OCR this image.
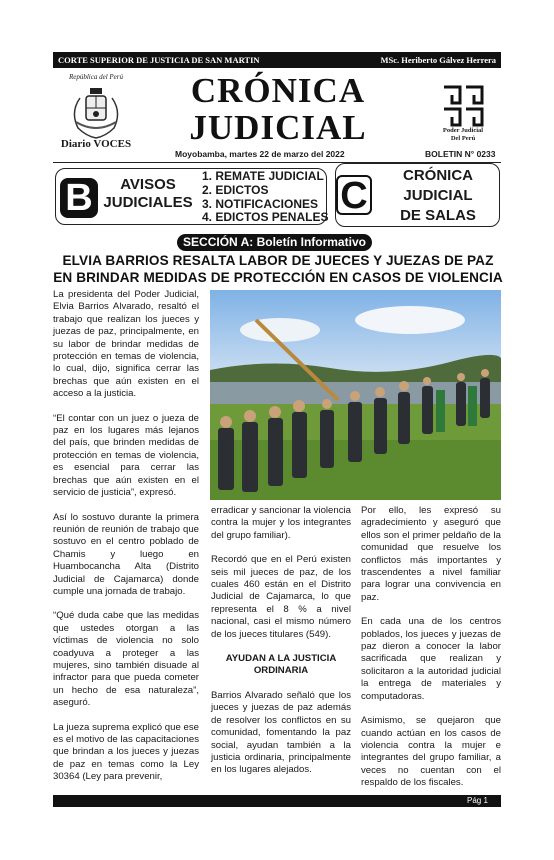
CORTE SUPERIOR DE JUSTICIA DE SAN MARTIN	MSc. Heriberto Gálvez Herrera
República del Perú
Diario VOCES
CRÓNICA
JUDICIAL	Poder Judicial
Del Perú
Moyobamba, martes 22 de marzo del 2022	BOLETIN N° 0233
B	AVISOS
JUDICIALES
1. REMATE JUDICIAL
2. EDICTOS
3. NOTIFICACIONES
4. EDICTOS PENALES
C	CRÓNICA
JUDICIAL
DE SALAS
SECCIÓN A: Boletín Informativo
ELVIA BARRIOS RESALTA LABOR DE JUECES Y JUEZAS DE PAZ EN BRINDAR MEDIDAS DE PROTECCIÓN EN CASOS DE VIOLENCIA

La presidenta del Poder Judicial, Elvia Barrios Alvarado, resaltó el trabajo que realizan los jueces y juezas de paz, principalmente, en su labor de brindar medidas de protección en temas de violencia, lo cual, dijo, significa cerrar las brechas que aún existen en el acceso a la justicia.

“El contar con un juez o jueza de paz en los lugares más lejanos del país, que brinden medidas de protección en temas de violencia, es esencial para cerrar las brechas que aún existen en el servicio de justicia”, expresó.

Así lo sostuvo durante la primera reunión de reunión de trabajo que sostuvo en el centro poblado de Chamis y luego en Huambocancha Alta (Distrito Judicial de Cajamarca) donde cumple una jornada de trabajo.

“Qué duda cabe que las medidas que ustedes otorgan a las víctimas de violencia no solo coadyuva a proteger a las mujeres, sino también disuade al infractor para que pueda cometer un hecho de esa naturaleza”, aseguró.

La jueza suprema explicó que ese es el motivo de las capacitaciones que brindan a los jueces y juezas de paz en temas como la Ley 30364 (Ley para prevenir,

erradicar y sancionar la violencia contra la mujer y los integrantes del grupo familiar).

Recordó que en el Perú existen seis mil jueces de paz, de los cuales 460 están en el Distrito Judicial de Cajamarca, lo que representa el 8 % a nivel nacional, casi el mismo número de los jueces titulares (549).

AYUDAN A LA JUSTICIA ORDINARIA

Barrios Alvarado señaló que los jueces y juezas de paz además de resolver los conflictos en su comunidad, fomentando la paz social, ayudan también a la justicia ordinaria, principalmente en los lugares alejados.

Por ello, les expresó su agradecimiento y aseguró que ellos son el primer peldaño de la comunidad que resuelve los conflictos más importantes y trascendentes a nivel familiar para lograr una convivencia en paz.

En cada una de los centros poblados, los jueces y juezas de paz dieron a conocer la labor sacrificada que realizan y solicitaron a la autoridad judicial la entrega de materiales y computadoras.

Asimismo, se quejaron que cuando actúan en los casos de violencia contra la mujer e integrantes del grupo familiar, a veces no cuentan con el respaldo de los fiscales.

Pág 1
